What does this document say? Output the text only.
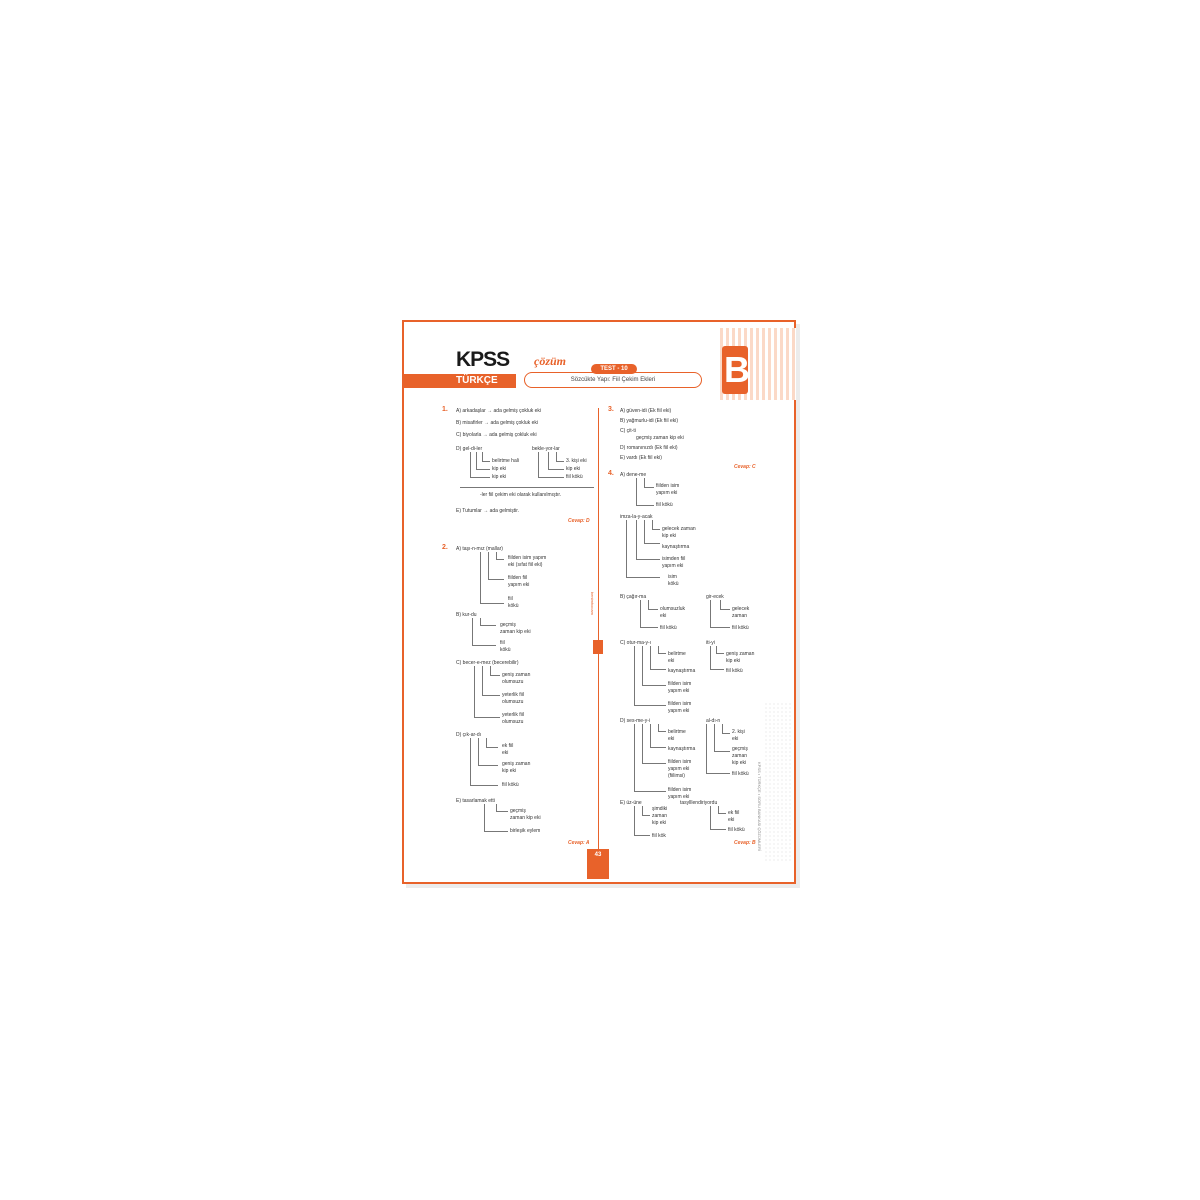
KPSS
TÜRKÇE
çözüm
Sözcükte Yapı: Fiil Çekim Ekleri
TEST - 10	B
benimhocam
KPSS • TÜRKÇE • SORU BANKASI ÇÖZÜMLERİ
43
1. A) arkadaşlar → ada gelmiş çokluk eki
B) misafirler → ada gelmiş çokluk eki
C) biyolarla → ada gelmiş çokluk eki
D) gel-di-ler	bekle-yor-lar
belirtme hali
kip eki
kip eki
3. kişi eki
kip eki
fiil kökü
-ler fiil çekim eki olarak kullanılmıştır.
E) Tutumlar → ada gelmiştir.
Cevap: D
2. A) taşı-n-mız (mallar)
fiilden isim yapım
eki (sıfat fiil eki)
fiilden fiil
yapım eki
fiil
kökü
B) kur-du
geçmiş
zaman kip eki
fiil
kökü
C) becer-e-mez (becerebilir)
geniş zaman
olumsuzu
yeterlik fiil
olumsuzu
yeterlik fiil
olumsuzu
D) çık-ar-dı
ek fiil
eki
geniş zaman
kip eki
fiil kökü
E) tasarlamak etti
geçmiş
zaman kip eki
birleşik eylem
Cevap: A
3. A) güven-idi (Ek fiil eki)
B) yağmurlu-idi (Ek fiil eki)
C) çit-ti
geçmiş zaman kip eki
D) romanınızdı (Ek fiil eki)
E) vardı (Ek fiil eki)
Cevap: C
4. A) dene-me
fiilden isim
yapım eki
fiil kökü
imza-la-y-acak
gelecek zaman
kip eki
kaynaştırma
isimden fiil
yapım eki
isim
kökü
B) çağır-ma	gir-ecek
olumsuzluk
eki
fiil kökü
gelecek
zaman
fiil kökü
C) otur-ma-y-ı	iti-yi
belirtme
eki
kaynaştırma
fiilden isim
yapım eki
fiilden isim
yapım eki
geniş zaman
kip eki
fiil kökü
D) ses-me-y-i	al-dı-n
belirtme
eki
kaynaştırma
fiilden isim
yapım eki
(fiilimsi)
fiilden isim
yapım eki
2. kişi
eki
geçmiş
zaman
kip eki
fiil kökü
E) üz-üne	tasylllendiriyordu
şimdiki
zaman
kip eki
fiil kök
ek fiil
eki
fiil kökü
Cevap: B
